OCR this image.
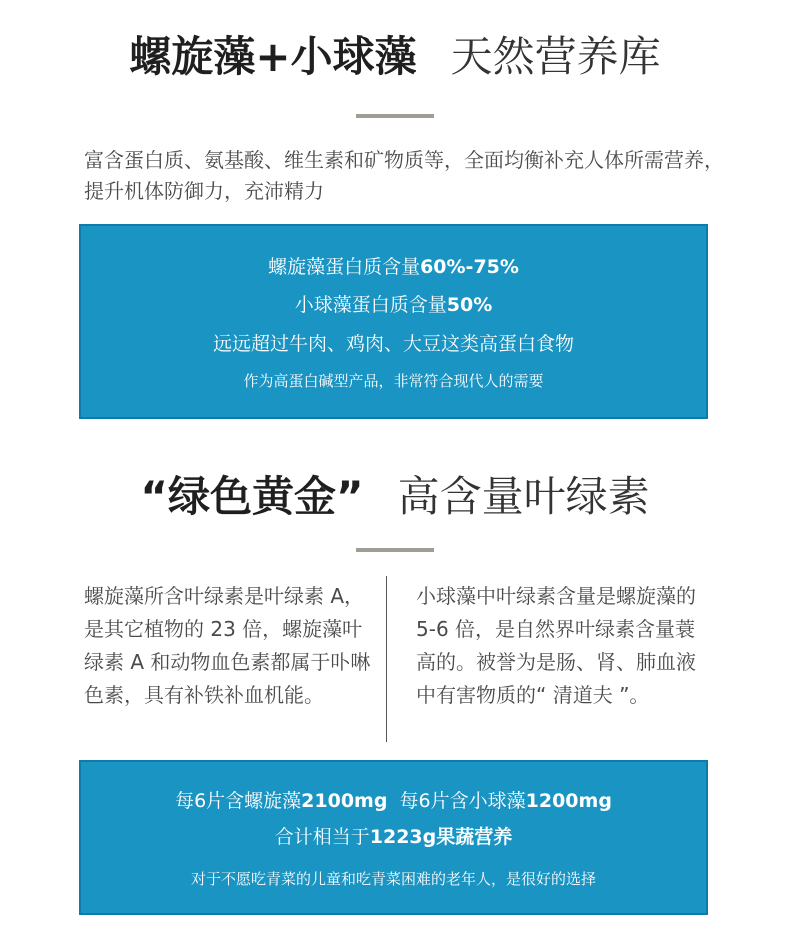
螺旋藻+小球藻 天然营养库
富含蛋白质、氨基酸、维生素和矿物质等，全面均衡补充人体所需营养，提升机体防御力，充沛精力
螺旋藻蛋白质含量60%-75%
小球藻蛋白质含量50%
远远超过牛肉、鸡肉、大豆这类高蛋白食物
作为高蛋白碱型产品，非常符合现代人的需要
“绿色黄金” 高含量叶绿素
螺旋藻所含叶绿素是叶绿素 A，是其它植物的 23 倍，螺旋藻叶绿素 A 和动物血色素都属于卟啉色素，具有补铁补血机能。
小球藻中叶绿素含量是螺旋藻的 5-6 倍，是自然界叶绿素含量蓑高的。被誉为是肠、肾、肺血液中有害物质的“ 清道夫 ”。
每6片含螺旋藻2100mg 每6片含小球藻1200mg
合计相当于1223g果蔬营养
对于不愿吃青菜的儿童和吃青菜困难的老年人，是很好的选择
